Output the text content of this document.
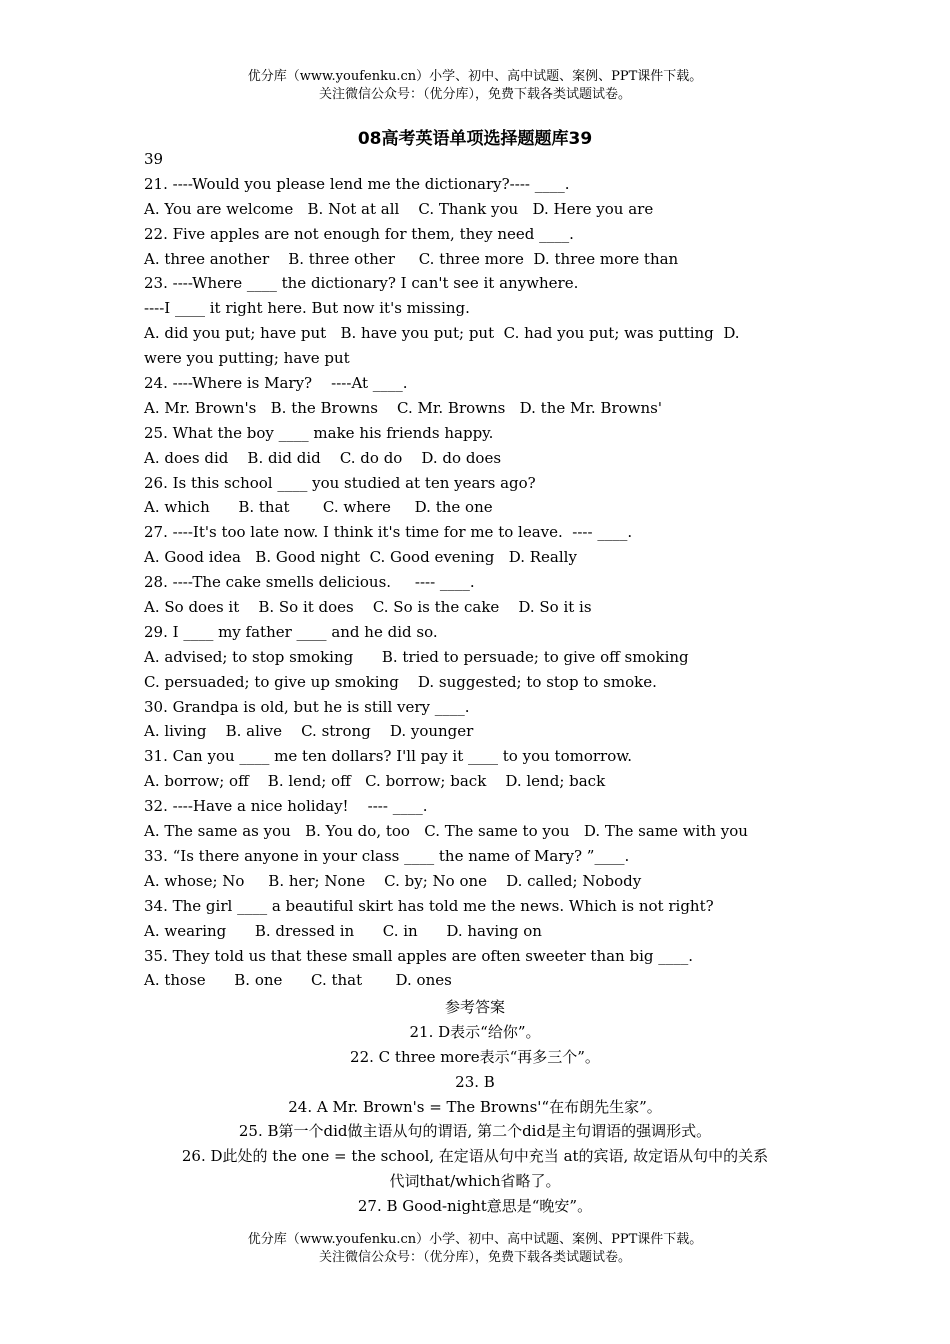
优分库（www.youfenku.cn）小学、初中、高中试题、案例、PPT课件下载。
关注微信公众号：（优分库），免费下载各类试题试卷。
08高考英语单项选择题题库39
39
21. ----Would you please lend me the dictionary?---- ____.
A. You are welcome   B. Not at all    C. Thank you   D. Here you are
22. Five apples are not enough for them, they need ____.
A. three another    B. three other     C. three more  D. three more than
23. ----Where ____ the dictionary? I can't see it anywhere.
----I ____ it right here. But now it's missing.
A. did you put; have put   B. have you put; put  C. had you put; was putting  D.
were you putting; have put
24. ----Where is Mary?    ----At ____.
A. Mr. Brown's   B. the Browns    C. Mr. Browns   D. the Mr. Browns'
25. What the boy ____ make his friends happy.
A. does did    B. did did    C. do do    D. do does
26. Is this school ____ you studied at ten years ago?
A. which      B. that       C. where     D. the one
27. ----It's too late now. I think it's time for me to leave.  ---- ____.
A. Good idea   B. Good night  C. Good evening   D. Really
28. ----The cake smells delicious.     ---- ____.
A. So does it    B. So it does    C. So is the cake    D. So it is
29. I ____ my father ____ and he did so.
A. advised; to stop smoking      B. tried to persuade; to give off smoking
C. persuaded; to give up smoking    D. suggested; to stop to smoke.
30. Grandpa is old, but he is still very ____.
A. living    B. alive    C. strong    D. younger
31. Can you ____ me ten dollars? I'll pay it ____ to you tomorrow.
A. borrow; off    B. lend; off   C. borrow; back    D. lend; back
32. ----Have a nice holiday!    ---- ____.
A. The same as you   B. You do, too   C. The same to you   D. The same with you
33. “Is there anyone in your class ____ the name of Mary? ”____.
A. whose; No     B. her; None    C. by; No one    D. called; Nobody
34. The girl ____ a beautiful skirt has told me the news. Which is not right?
A. wearing      B. dressed in      C. in      D. having on
35. They told us that these small apples are often sweeter than big ____.
A. those      B. one      C. that       D. ones
参考答案
21. D表示“给你”。
22. C three more表示“再多三个”。
23. B
24. A Mr. Brown's = The Browns'“在布朗先生家”。
25. B第一个did做主语从句的谓语, 第二个did是主句谓语的强调形式。
26. D此处的 the one = the school, 在定语从句中充当 at的宾语, 故定语从句中的关系
代词that/which省略了。
27. B Good-night意思是“晚安”。
优分库（www.youfenku.cn）小学、初中、高中试题、案例、PPT课件下载。
关注微信公众号：（优分库），免费下载各类试题试卷。
